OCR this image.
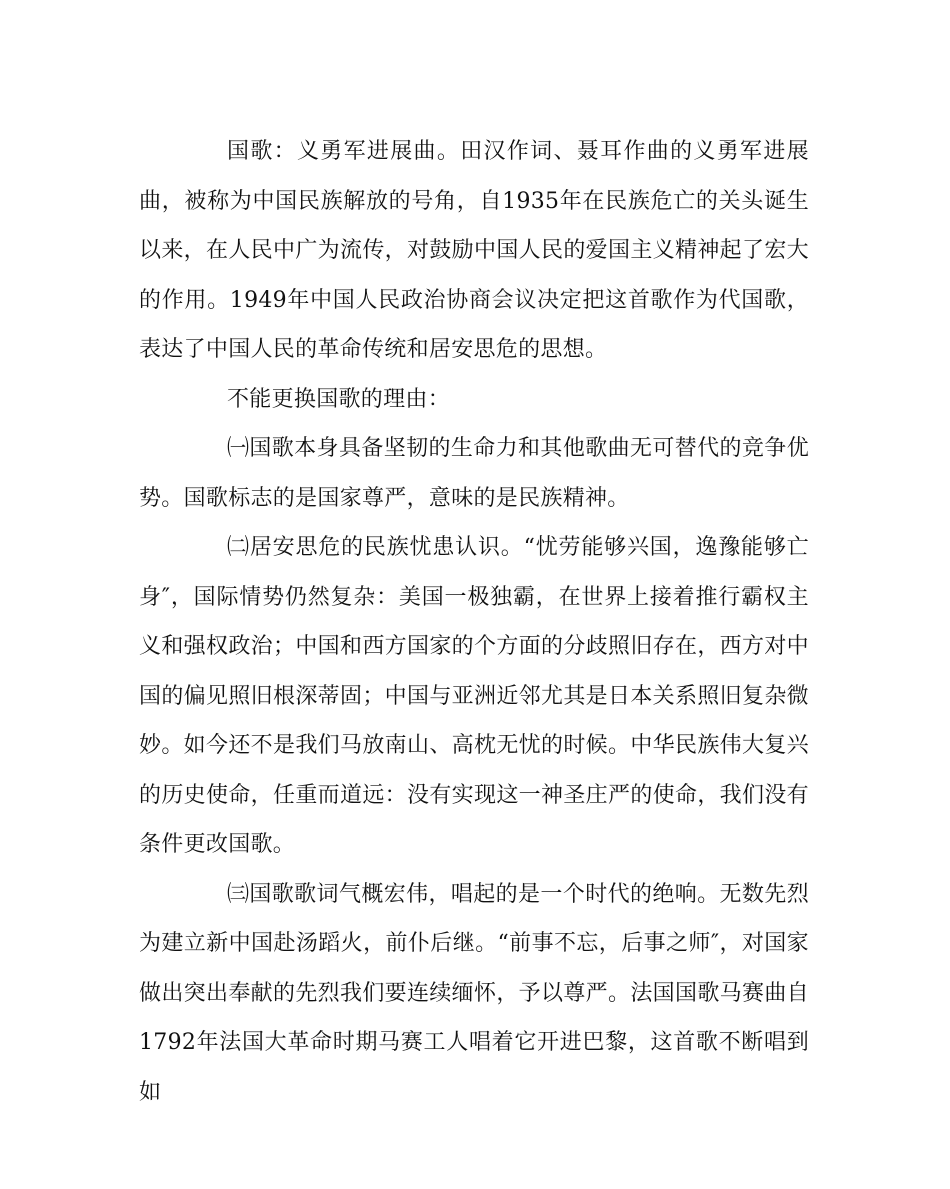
国歌：义勇军进展曲。田汉作词、聂耳作曲的义勇军进展曲，被称为中国民族解放的号角，自1935年在民族危亡的关头诞生以来，在人民中广为流传，对鼓励中国人民的爱国主义精神起了宏大的作用。1949年中国人民政治协商会议决定把这首歌作为代国歌，表达了中国人民的革命传统和居安思危的思想。

不能更换国歌的理由：

㈠国歌本身具备坚韧的生命力和其他歌曲无可替代的竞争优势。国歌标志的是国家尊严，意味的是民族精神。

㈡居安思危的民族忧患认识。“忧劳能够兴国，逸豫能够亡身″，国际情势仍然复杂：美国一极独霸，在世界上接着推行霸权主义和强权政治；中国和西方国家的个方面的分歧照旧存在，西方对中国的偏见照旧根深蒂固；中国与亚洲近邻尤其是日本关系照旧复杂微妙。如今还不是我们马放南山、高枕无忧的时候。中华民族伟大复兴的历史使命，任重而道远：没有实现这一神圣庄严的使命，我们没有条件更改国歌。

㈢国歌歌词气概宏伟，唱起的是一个时代的绝响。无数先烈为建立新中国赴汤蹈火，前仆后继。“前事不忘，后事之师″，对国家做出突出奉献的先烈我们要连续缅怀，予以尊严。法国国歌马赛曲自1792年法国大革命时期马赛工人唱着它开进巴黎，这首歌不断唱到如
